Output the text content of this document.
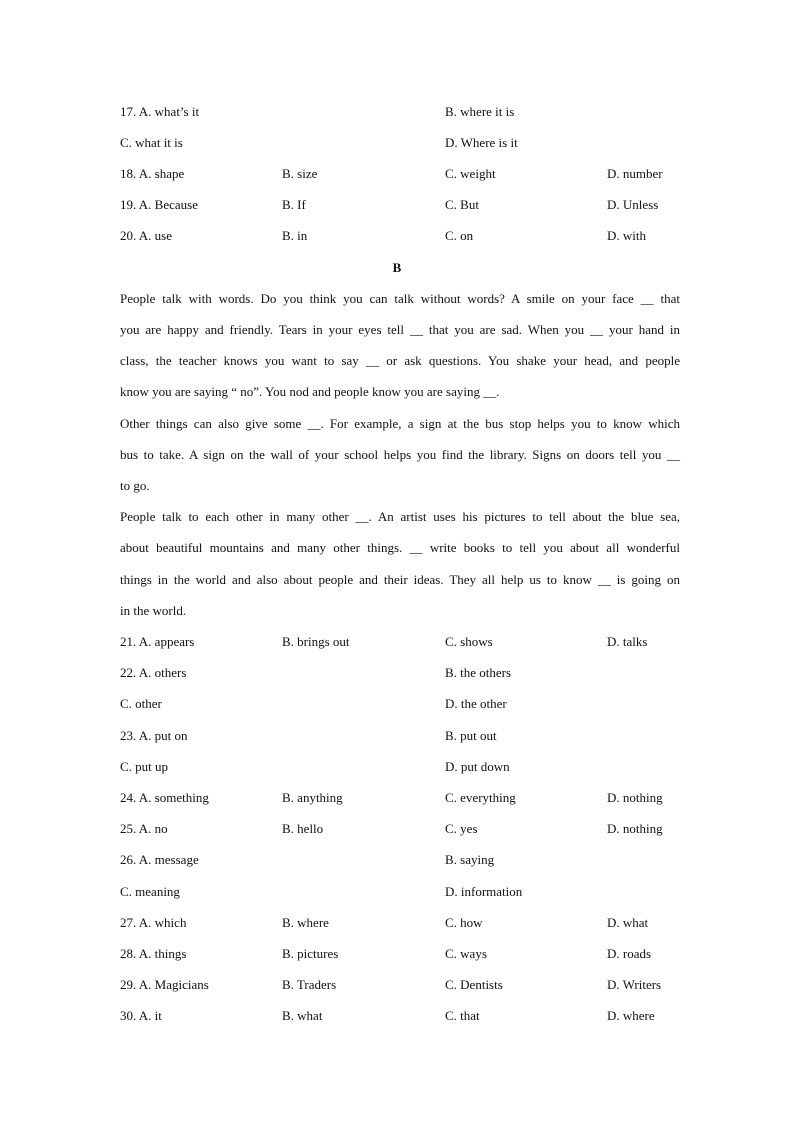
17. A. what’s it	B. where it is
C. what it is	D. Where is it
18. A. shape	B. size	C. weight	D. number
19. A. Because	B. If	C. But	D. Unless
20. A. use	B. in	C. on	D. with
B
People talk with words. Do you think you can talk without words? A smile on your face __ that
you are happy and friendly. Tears in your eyes tell __ that you are sad. When you __ your hand in
class, the teacher knows you want to say __ or ask questions. You shake your head, and people
know you are saying “ no”. You nod and people know you are saying __.
Other things can also give some __. For example, a sign at the bus stop helps you to know which
bus to take. A sign on the wall of your school helps you find the library. Signs on doors tell you __
to go.
People talk to each other in many other __. An artist uses his pictures to tell about the blue sea,
about beautiful mountains and many other things. __ write books to tell you about all wonderful
things in the world and also about people and their ideas. They all help us to know __ is going on
in the world.
21. A. appears	B. brings out	C. shows	D. talks
22. A. others	B. the others
C. other	D. the other
23. A. put on	B. put out
C. put up	D. put down
24. A. something	B. anything	C. everything	D. nothing
25. A. no	B. hello	C. yes	D. nothing
26. A. message	B. saying
C. meaning	D. information
27. A. which	B. where	C. how	D. what
28. A. things	B. pictures	C. ways	D. roads
29. A. Magicians	B. Traders	C. Dentists	D. Writers
30. A. it	B. what	C. that	D. where
